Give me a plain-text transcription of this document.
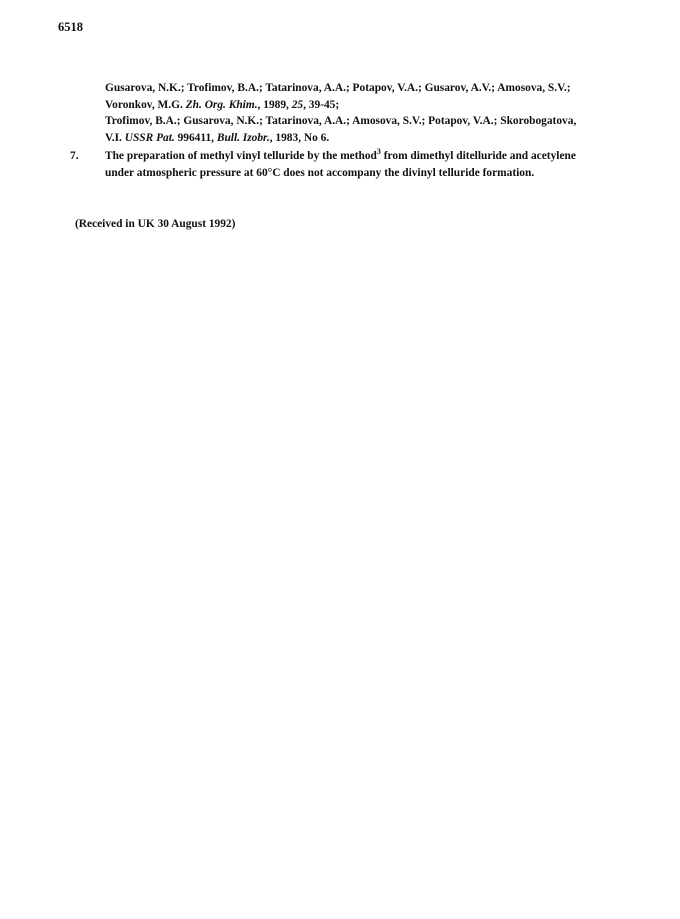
6518
Gusarova, N.K.; Trofimov, B.A.; Tatarinova, A.A.; Potapov, V.A.; Gusarov, A.V.; Amosova, S.V.;
Voronkov, M.G. Zh. Org. Khim., 1989, 25, 39-45;
Trofimov, B.A.; Gusarova, N.K.; Tatarinova, A.A.; Amosova, S.V.; Potapov, V.A.; Skorobogatova,
V.I. USSR Pat. 996411, Bull. Izobr., 1983, No 6.
7. The preparation of methyl vinyl telluride by the method$^3$ from dimethyl ditelluride and acetylene
under atmospheric pressure at 60°C does not accompany the divinyl telluride formation.
(Received in UK 30 August 1992)
